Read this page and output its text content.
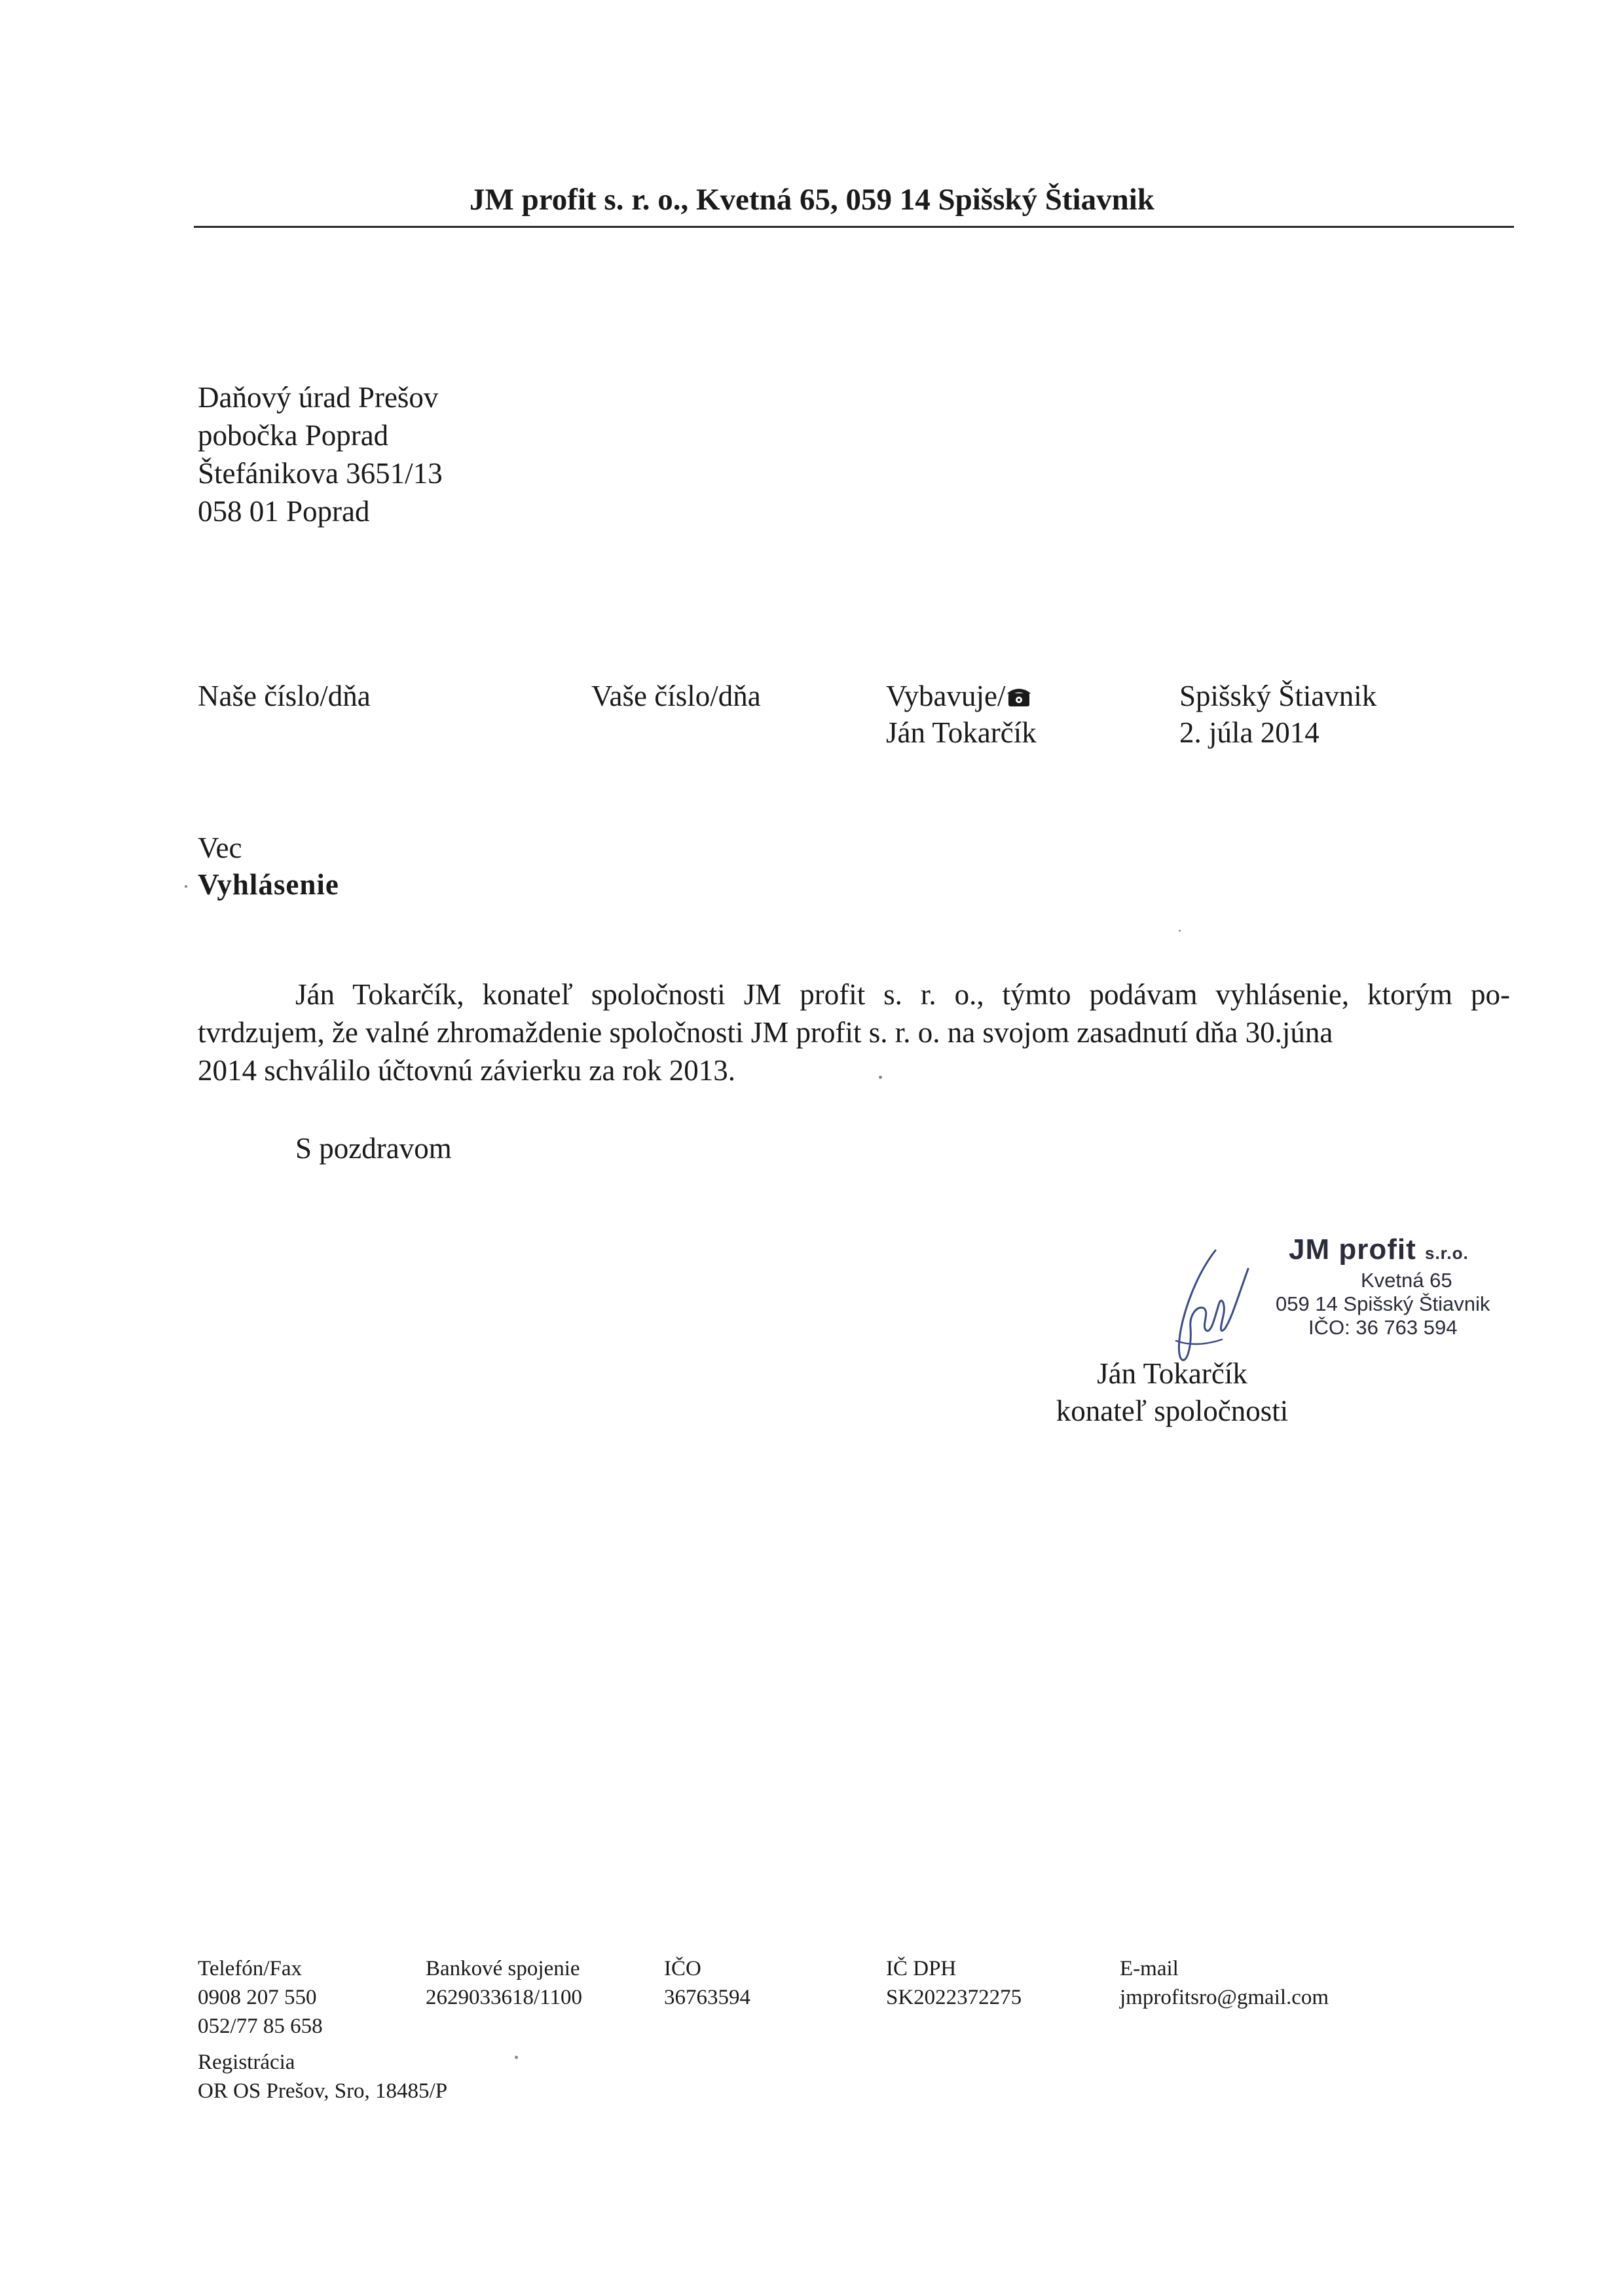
JM profit s. r. o., Kvetná 65, 059 14 Spišský Štiavnik
Daňový úrad Prešov
pobočka Poprad
Štefánikova 3651/13
058 01 Poprad
Naše číslo/dňa	Vaše číslo/dňa	Vybavuje/
Ján Tokarčík
Spišský Štiavnik
2. júla 2014
Vec
Vyhlásenie
Ján Tokarčík, konateľ spoločnosti JM profit s. r. o., týmto podávam vyhlásenie, ktorým po-
tvrdzujem, že valné zhromaždenie spoločnosti JM profit s. r. o. na svojom zasadnutí dňa 30.júna
2014 schválilo účtovnú závierku za rok 2013.
S pozdravom
JM profit s.r.o.
Kvetná 65
059 14 Spišský Štiavnik
IČO: 36 763 594
Ján Tokarčík
konateľ spoločnosti
Telefón/Fax
0908 207 550
052/77 85 658
Bankové spojenie
2629033618/1100
IČO
36763594
IČ DPH
SK2022372275
E-mail
jmprofitsro@gmail.com
Registrácia
OR OS Prešov, Sro, 18485/P
